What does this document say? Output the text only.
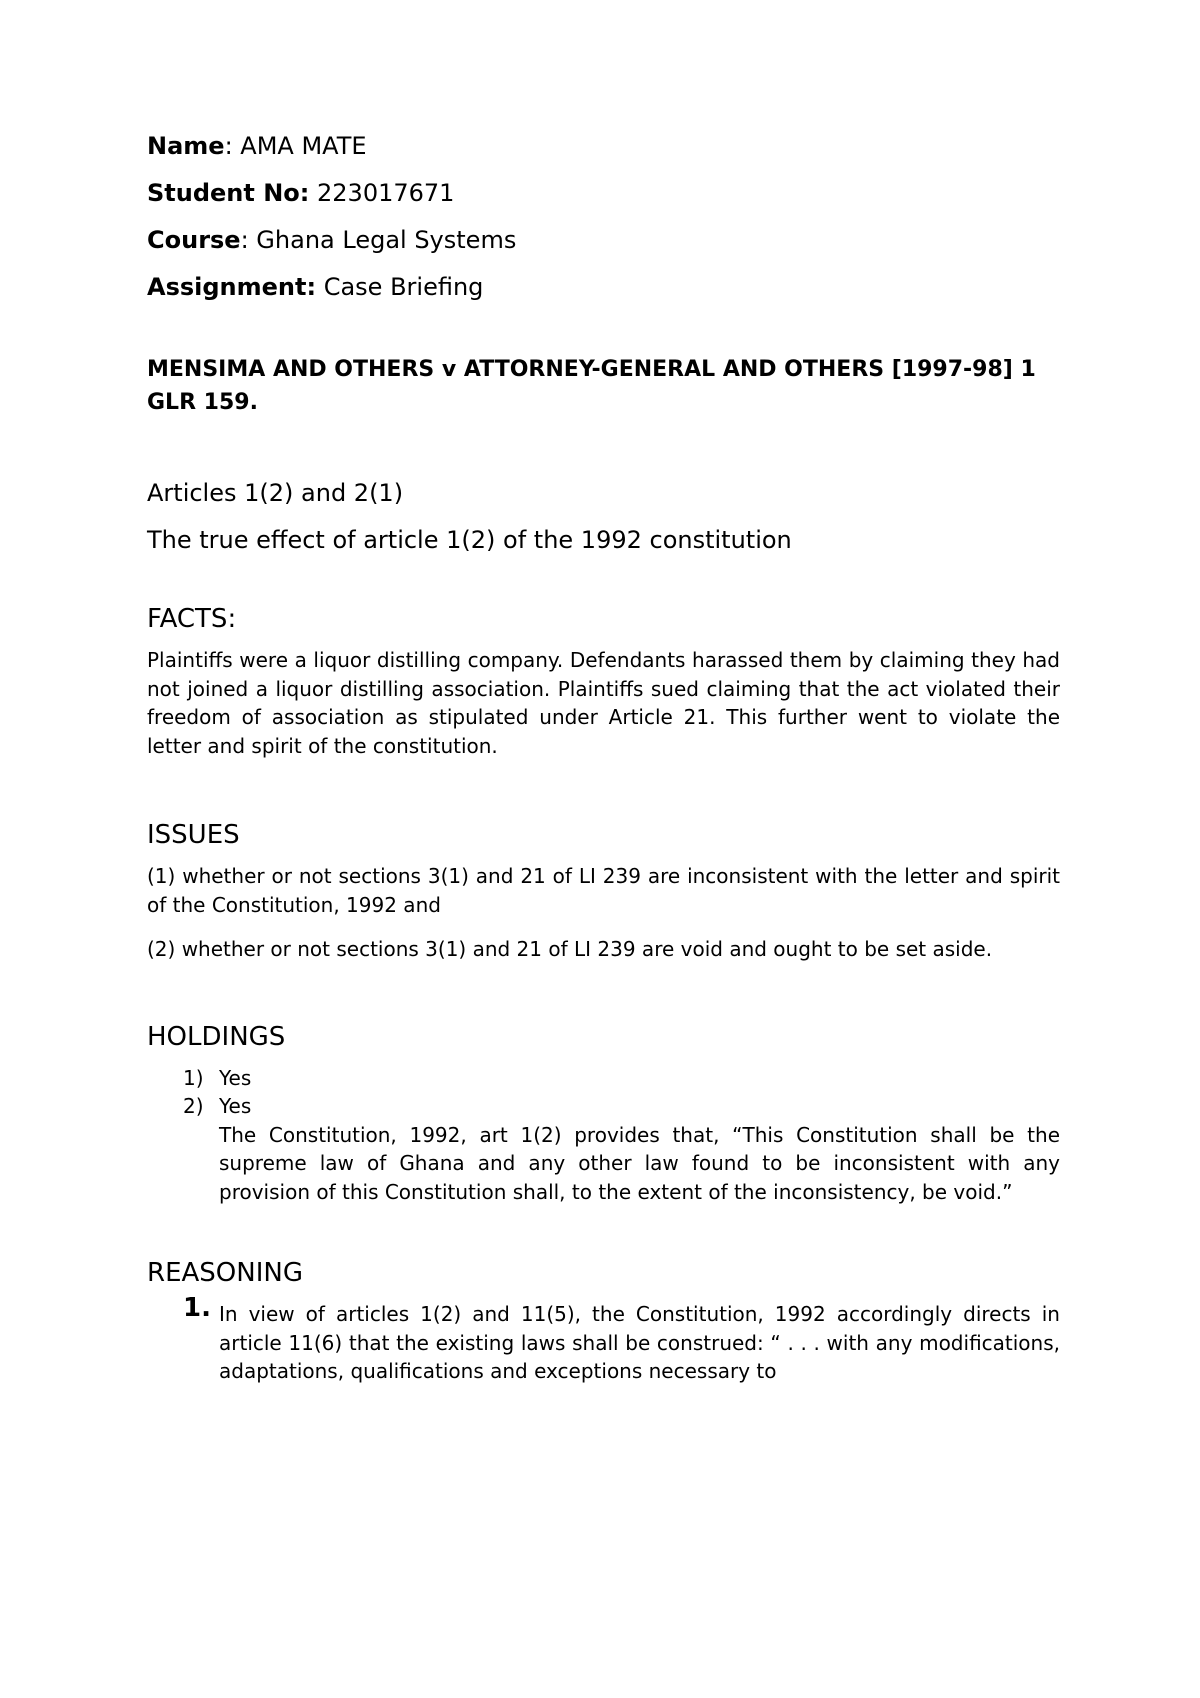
Name: AMA MATE

Student No: 223017671

Course: Ghana Legal Systems

Assignment: Case Briefing

MENSIMA AND OTHERS v ATTORNEY-GENERAL AND OTHERS [1997-98] 1 GLR 159.

Articles 1(2) and 2(1)

The true effect of article 1(2) of the 1992 constitution

FACTS:

Plaintiffs were a liquor distilling company. Defendants harassed them by claiming they had not joined a liquor distilling association. Plaintiffs sued claiming that the act violated their freedom of association as stipulated under Article 21. This further went to violate the letter and spirit of the constitution.

ISSUES

(1) whether or not sections 3(1) and 21 of LI 239 are inconsistent with the letter and spirit of the Constitution, 1992 and

(2) whether or not sections 3(1) and 21 of LI 239 are void and ought to be set aside.

HOLDINGS
1) Yes
2) Yes
The Constitution, 1992, art 1(2) provides that, “This Constitution shall be the supreme law of Ghana and any other law found to be inconsistent with any provision of this Constitution shall, to the extent of the inconsistency, be void.”
REASONING
1. In view of articles 1(2) and 11(5), the Constitution, 1992 accordingly directs in article 11(6) that the existing laws shall be construed: “ . . . with any modifications, adaptations, qualifications and exceptions necessary to
